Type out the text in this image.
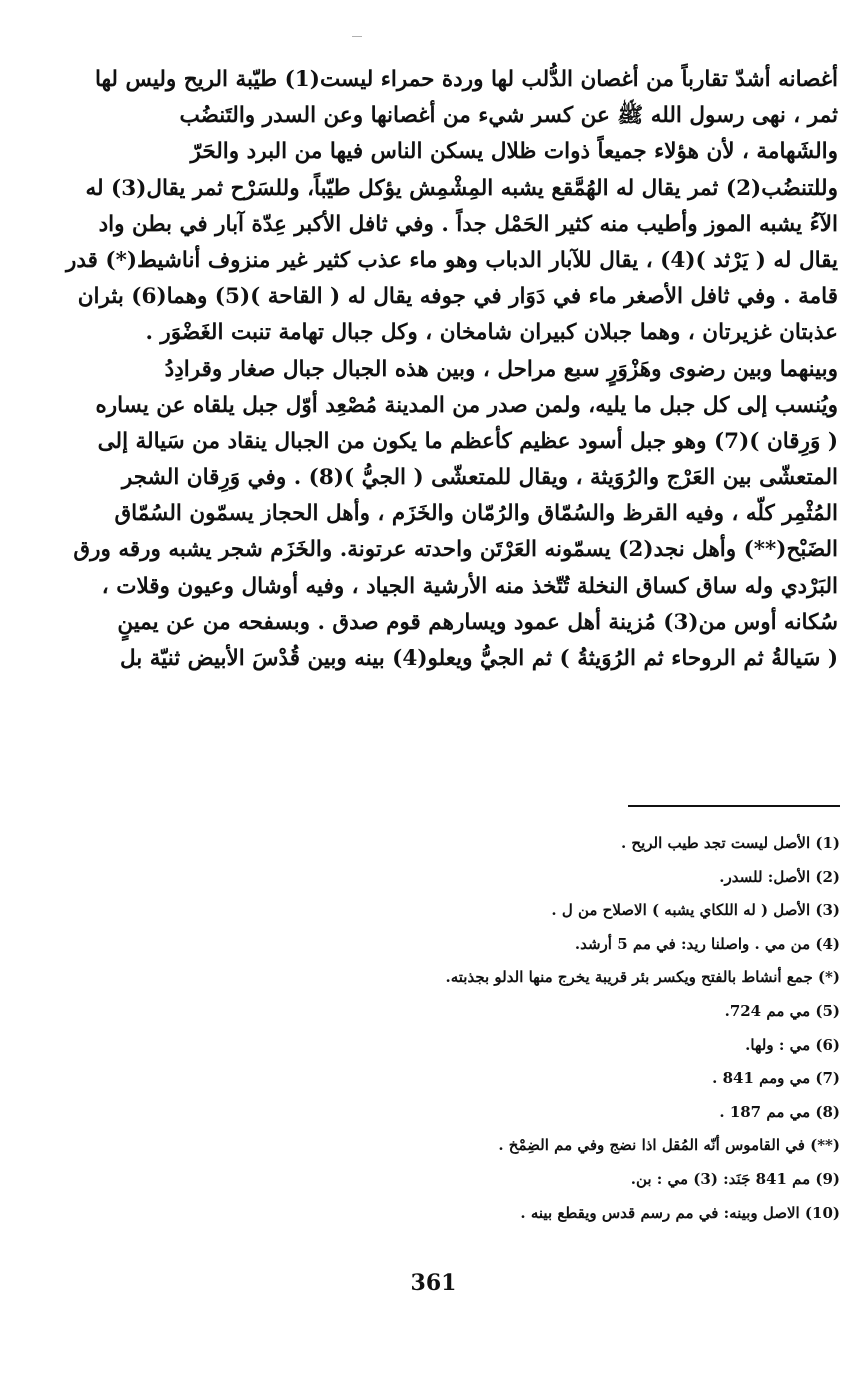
أغصانه أشدّ تقارباً من أغصان الدُّلب لها وردة حمراء ليست(1) طيّبة الريح وليس لها
ثمر ، نهى رسول الله ﷺ عن كسر شيء من أغصانها وعن السدر والتَنضُب
والشَهامة ، لأن هؤلاء جميعاً ذوات ظلال يسكن الناس فيها من البرد والحَرّ
وللتنضُب(2) ثمر يقال له الهُمَّقع يشبه المِشْمِش يؤكل طيّباً، وللسَرْح ثمر يقال(3) له
الآءُ يشبه الموز وأطيب منه كثير الحَمْل جداً . وفي ثافل الأكبر عِدّة آبار في بطن واد
يقال له ( يَرْثد )(4) ، يقال للآبار الدباب وهو ماء عذب كثير غير منزوف أناشيط(*) قدر
قامة . وفي ثافل الأصغر ماء في دَوَار في جوفه يقال له ( القاحة )(5) وهما(6) بثران
عذبتان غزيرتان ، وهما جبلان كبيران شامخان ، وكل جبال تهامة تنبت الغَضْوَر .
وبينهما وبين رضوى وهَزْوَرٍ سبع مراحل ، وبين هذه الجبال جبال صغار وقرادِدُ
ويُنسب إلى كل جبل ما يليه، ولمن صدر من المدينة مُصْعِد أوّل جبل يلقاه عن يساره
( وَرِقان )(7) وهو جبل أسود عظيم كأعظم ما يكون من الجبال ينقاد من سَيالة إلى
المتعشّى بين العَرْج والرُوَيثة ، ويقال للمتعشّى ( الجيُّ )(8) . وفي وَرِقان الشجر
المُثْمِر كلّه ، وفيه القرظ والسُمّاق والرُمّان والخَزَم ، وأهل الحجاز يسمّون السُمّاق
الضَبْح(**) وأهل نجد(2) يسمّونه العَرْتَن واحدته عرتونة. والخَزَم شجر يشبه ورقه ورق
البَرْدي وله ساق كساق النخلة تُتّخذ منه الأرشية الجياد ، وفيه أوشال وعيون وقلات ،
سُكانه أوس من(3) مُزينة أهل عمود ويسارهم قوم صدق . وبسفحه من عن يمينٍ
( سَيالةُ ثم الروحاء ثم الرُوَيثةُ ) ثم الجيُّ ويعلو(4) بينه وبين قُدْسَ الأبيض ثنيّة بل
(1) الأصل ليست تجد طيب الريح .
(2) الأصل: للسدر.
(3) الأصل ( له اللكاي يشبه ) الاصلاح من ل .
(4) من مي . واصلنا ريد: في مم 5 أرشد.
(*) جمع أنشاط بالفتح ويكسر بئر قريبة يخرج منها الدلو بجذبته.
(5) مي مم 724.
(6) مي : ولها.
(7) مي ومم 841 .
(8) مي مم 187 .
(**) في القاموس أنّه المُقل اذا نضج وفي مم الضِمْخ .
(9) مم 841 جَنَد: (3) مي : بن.
(10) الاصل وبينه: في مم رسم قدس ويقطع بينه .
361
